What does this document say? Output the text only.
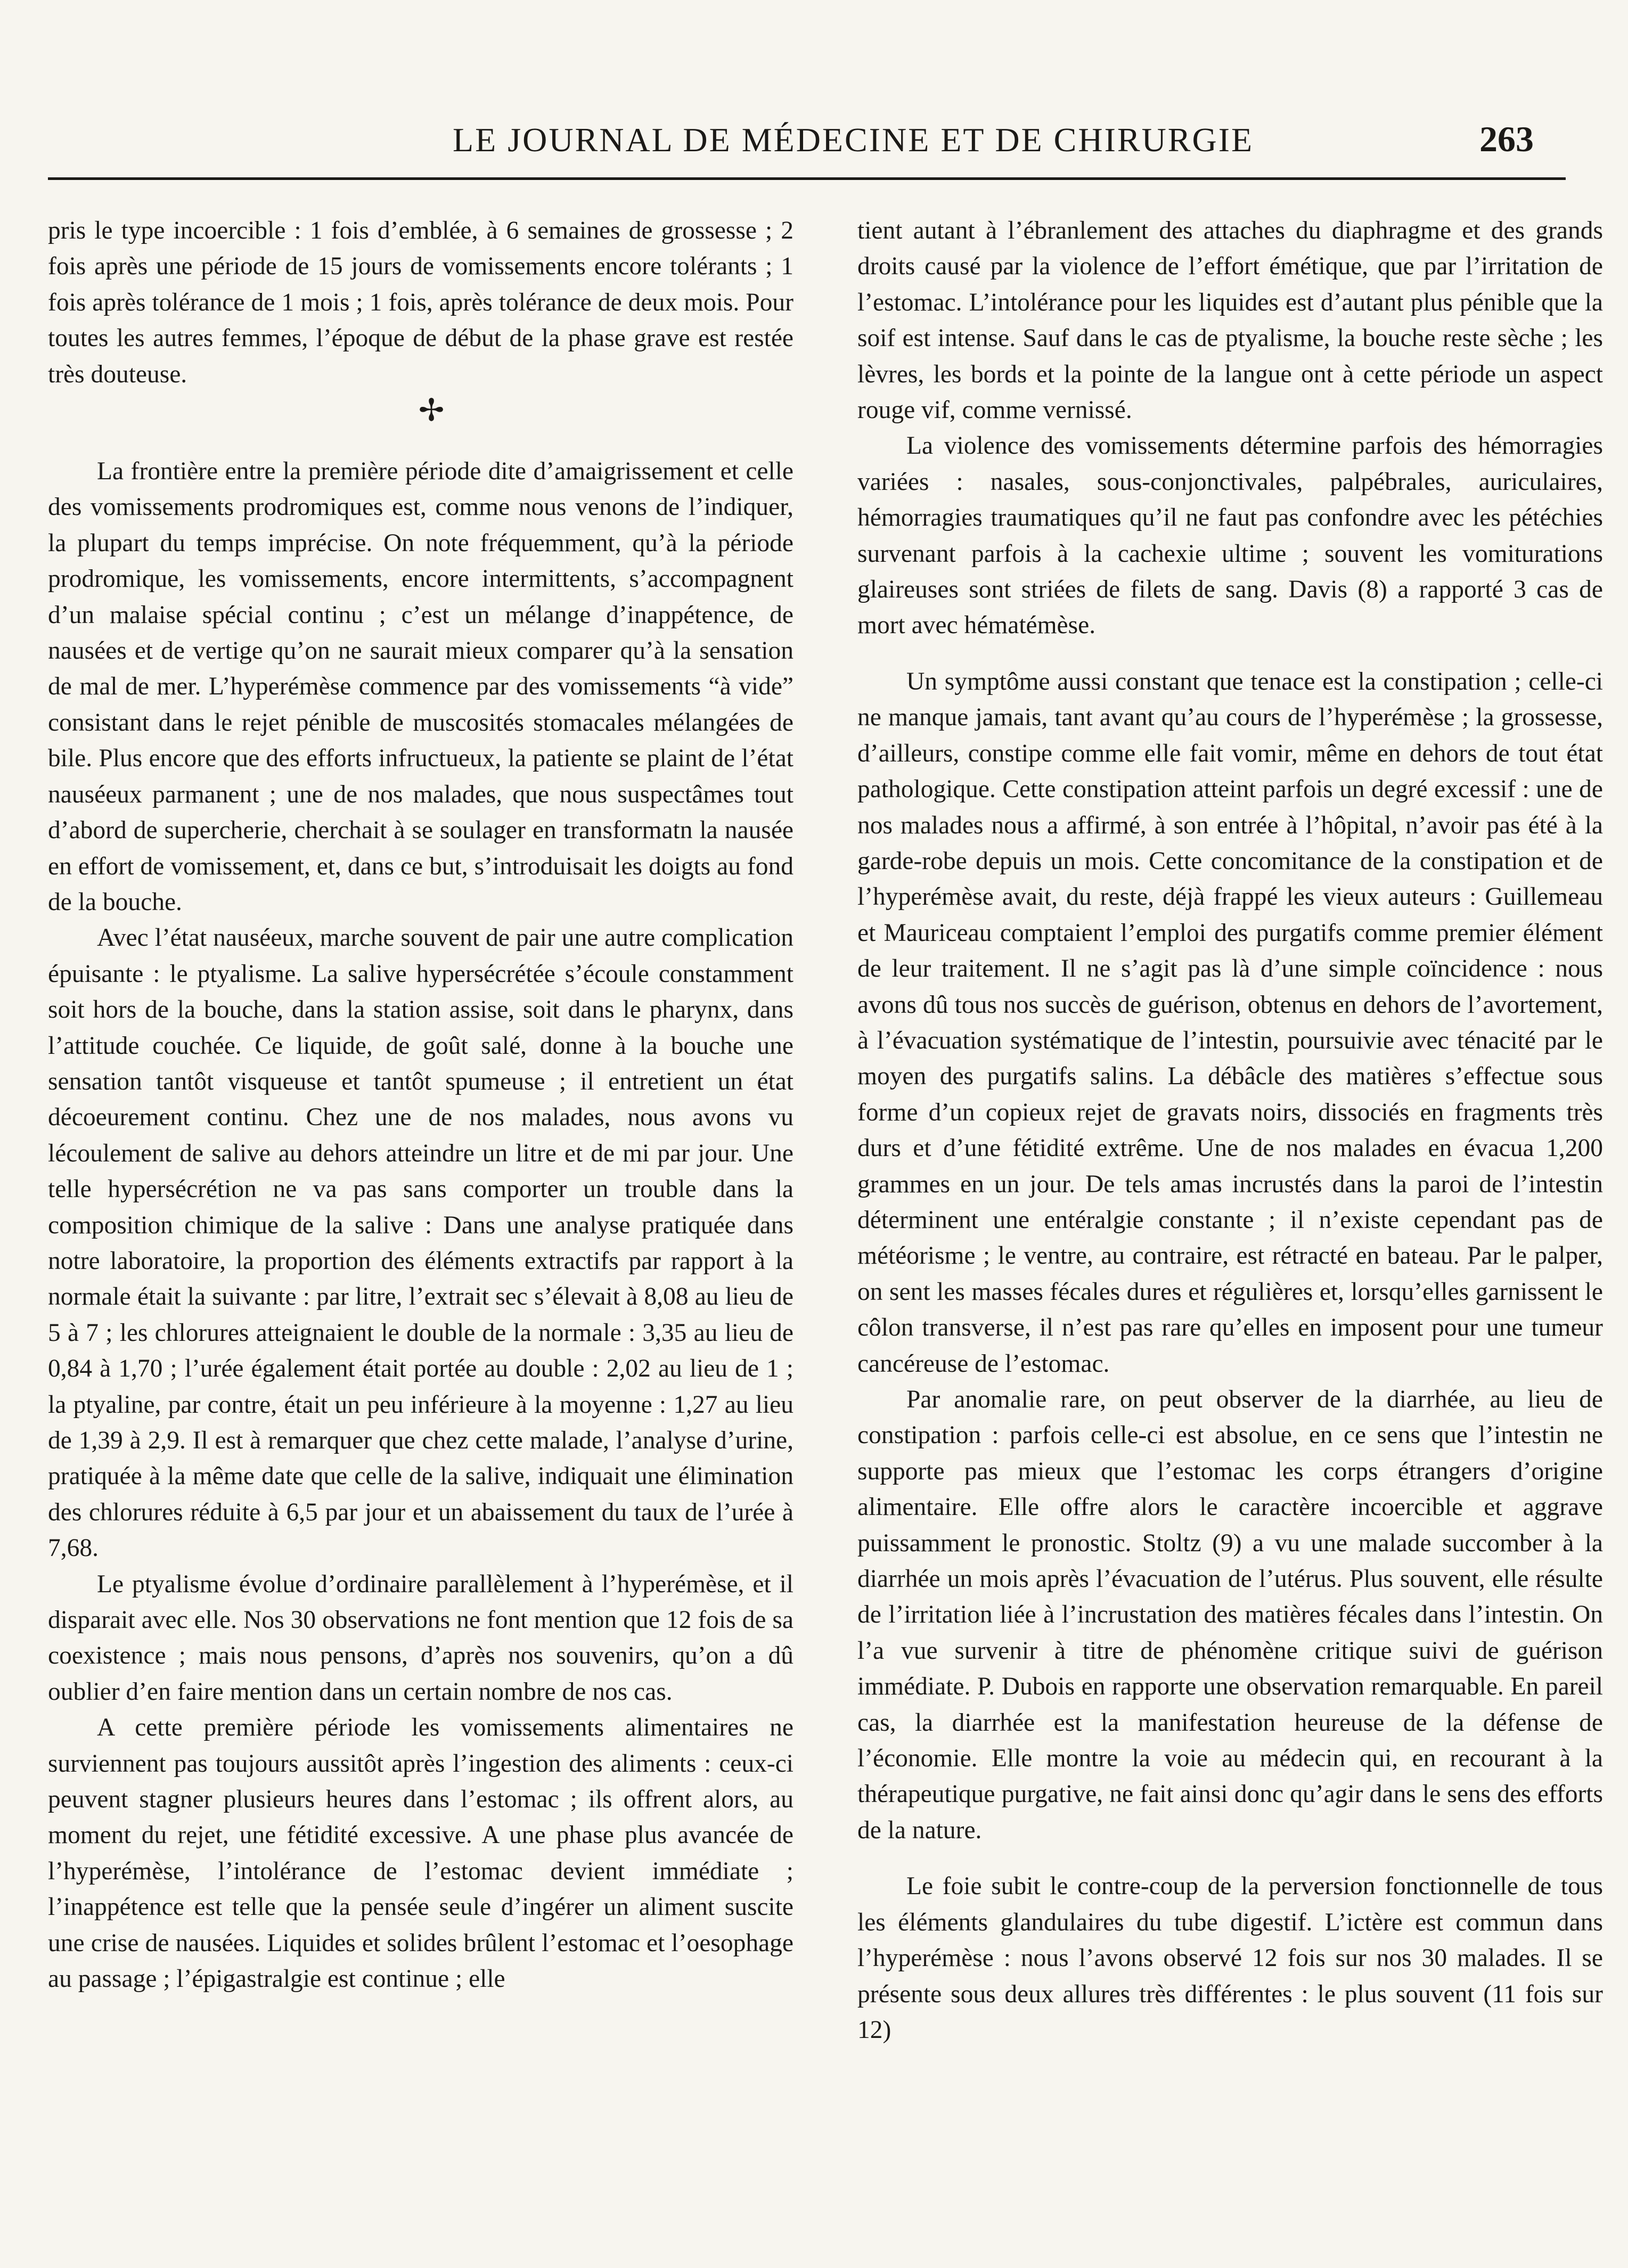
LE JOURNAL DE MÉDECINE ET DE CHIRURGIE	263

pris le type incoercible : 1 fois d’emblée, à 6 semaines de grossesse ; 2 fois après une période de 15 jours de vomissements encore tolérants ; 1 fois après tolérance de 1 mois ; 1 fois, après tolérance de deux mois. Pour toutes les autres femmes, l’époque de début de la phase grave est restée très douteuse.

✢

La frontière entre la première période dite d’amaigrissement et celle des vomissements prodromiques est, comme nous venons de l’indiquer, la plupart du temps imprécise. On note fréquemment, qu’à la période prodromique, les vomissements, encore intermittents, s’accompagnent d’un malaise spécial continu ; c’est un mélange d’inappétence, de nausées et de vertige qu’on ne saurait mieux comparer qu’à la sensation de mal de mer. L’hyperémèse commence par des vomissements “à vide” consistant dans le rejet pénible de muscosités stomacales mélangées de bile. Plus encore que des efforts infructueux, la patiente se plaint de l’état nauséeux parmanent ; une de nos malades, que nous suspectâmes tout d’abord de supercherie, cherchait à se soulager en transformatn la nausée en effort de vomissement, et, dans ce but, s’introduisait les doigts au fond de la bouche.

Avec l’état nauséeux, marche souvent de pair une autre complication épuisante : le ptyalisme. La salive hypersécrétée s’écoule constamment soit hors de la bouche, dans la station assise, soit dans le pharynx, dans l’attitude couchée. Ce liquide, de goût salé, donne à la bouche une sensation tantôt visqueuse et tantôt spumeuse ; il entretient un état décoeurement continu. Chez une de nos malades, nous avons vu lécoulement de salive au dehors atteindre un litre et de mi par jour. Une telle hypersécrétion ne va pas sans comporter un trouble dans la composition chimique de la salive : Dans une analyse pratiquée dans notre laboratoire, la proportion des éléments extractifs par rapport à la normale était la suivante : par litre, l’extrait sec s’élevait à 8,08 au lieu de 5 à 7 ; les chlorures atteignaient le double de la normale : 3,35 au lieu de 0,84 à 1,70 ; l’urée également était portée au double : 2,02 au lieu de 1 ; la ptyaline, par contre, était un peu inférieure à la moyenne : 1,27 au lieu de 1,39 à 2,9. Il est à remarquer que chez cette malade, l’analyse d’urine, pratiquée à la même date que celle de la salive, indiquait une élimination des chlorures réduite à 6,5 par jour et un abaissement du taux de l’urée à 7,68.

Le ptyalisme évolue d’ordinaire parallèlement à l’hyperémèse, et il disparait avec elle. Nos 30 observations ne font mention que 12 fois de sa coexistence ; mais nous pensons, d’après nos souvenirs, qu’on a dû oublier d’en faire mention dans un certain nombre de nos cas.

A cette première période les vomissements alimentaires ne surviennent pas toujours aussitôt après l’ingestion des aliments : ceux-ci peuvent stagner plusieurs heures dans l’estomac ; ils offrent alors, au moment du rejet, une fétidité excessive. A une phase plus avancée de l’hyperémèse, l’intolérance de l’estomac devient immédiate ; l’inappétence est telle que la pensée seule d’ingérer un aliment suscite une crise de nausées. Liquides et solides brûlent l’estomac et l’oesophage au passage ; l’épigastralgie est continue ; elle

tient autant à l’ébranlement des attaches du diaphragme et des grands droits causé par la violence de l’effort émétique, que par l’irritation de l’estomac. L’intolérance pour les liquides est d’autant plus pénible que la soif est intense. Sauf dans le cas de ptyalisme, la bouche reste sèche ; les lèvres, les bords et la pointe de la langue ont à cette période un aspect rouge vif, comme vernissé.

La violence des vomissements détermine parfois des hémorragies variées : nasales, sous-conjonctivales, palpébrales, auriculaires, hémorragies traumatiques qu’il ne faut pas confondre avec les pétéchies survenant parfois à la cachexie ultime ; souvent les vomiturations glaireuses sont striées de filets de sang. Davis (8) a rapporté 3 cas de mort avec hématémèse.

Un symptôme aussi constant que tenace est la constipation ; celle-ci ne manque jamais, tant avant qu’au cours de l’hyperémèse ; la grossesse, d’ailleurs, constipe comme elle fait vomir, même en dehors de tout état pathologique. Cette constipation atteint parfois un degré excessif : une de nos malades nous a affirmé, à son entrée à l’hôpital, n’avoir pas été à la garde-robe depuis un mois. Cette concomitance de la constipation et de l’hyperémèse avait, du reste, déjà frappé les vieux auteurs : Guillemeau et Mauriceau comptaient l’emploi des purgatifs comme premier élément de leur traitement. Il ne s’agit pas là d’une simple coïncidence : nous avons dû tous nos succès de guérison, obtenus en dehors de l’avortement, à l’évacuation systématique de l’intestin, poursuivie avec ténacité par le moyen des purgatifs salins. La débâcle des matières s’effectue sous forme d’un copieux rejet de gravats noirs, dissociés en fragments très durs et d’une fétidité extrême. Une de nos malades en évacua 1,200 grammes en un jour. De tels amas incrustés dans la paroi de l’intestin déterminent une entéralgie constante ; il n’existe cependant pas de météorisme ; le ventre, au contraire, est rétracté en bateau. Par le palper, on sent les masses fécales dures et régulières et, lorsqu’elles garnissent le côlon transverse, il n’est pas rare qu’elles en imposent pour une tumeur cancéreuse de l’estomac.

Par anomalie rare, on peut observer de la diarrhée, au lieu de constipation : parfois celle-ci est absolue, en ce sens que l’intestin ne supporte pas mieux que l’estomac les corps étrangers d’origine alimentaire. Elle offre alors le caractère incoercible et aggrave puissamment le pronostic. Stoltz (9) a vu une malade succomber à la diarrhée un mois après l’évacuation de l’utérus. Plus souvent, elle résulte de l’irritation liée à l’incrustation des matières fécales dans l’intestin. On l’a vue survenir à titre de phénomène critique suivi de guérison immédiate. P. Dubois en rapporte une observation remarquable. En pareil cas, la diarrhée est la manifestation heureuse de la défense de l’économie. Elle montre la voie au médecin qui, en recourant à la thérapeutique purgative, ne fait ainsi donc qu’agir dans le sens des efforts de la nature.

Le foie subit le contre-coup de la perversion fonctionnelle de tous les éléments glandulaires du tube digestif. L’ictère est commun dans l’hyperémèse : nous l’avons observé 12 fois sur nos 30 malades. Il se présente sous deux allures très différentes : le plus souvent (11 fois sur 12)
